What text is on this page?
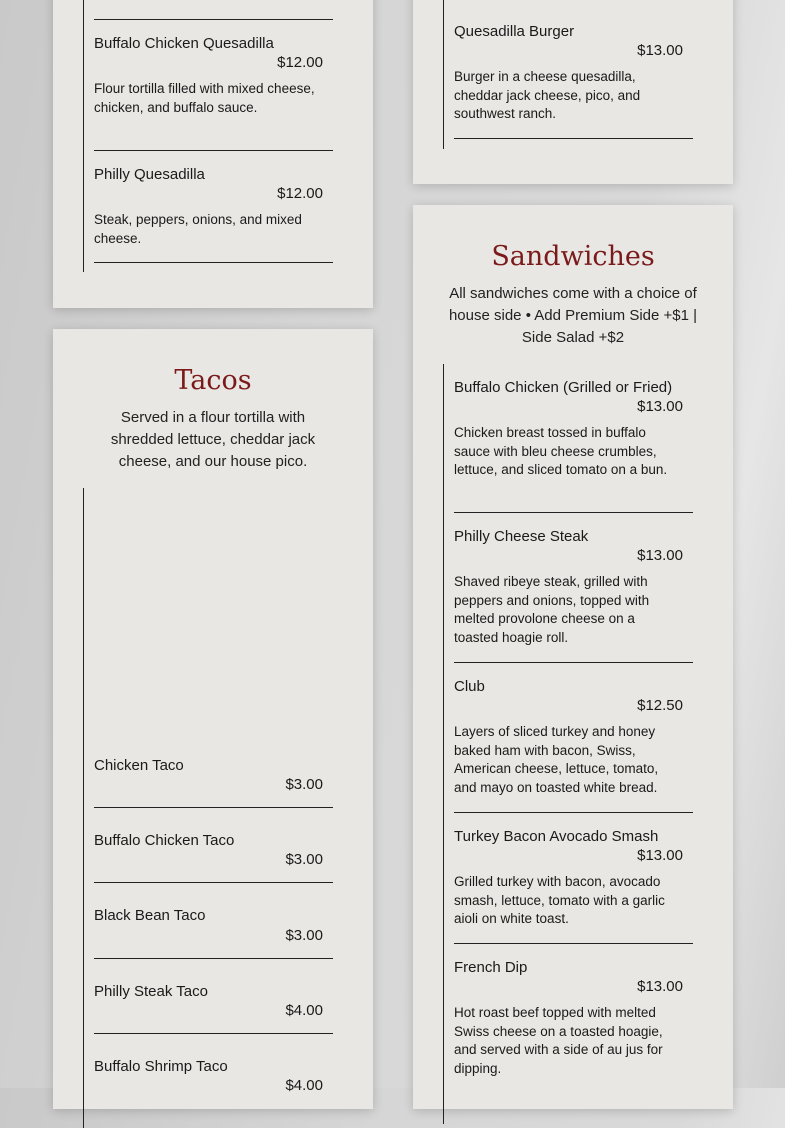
Buffalo Chicken Quesadilla
$12.00
Flour tortilla filled with mixed cheese, chicken, and buffalo sauce.
Philly Quesadilla
$12.00
Steak, peppers, onions, and mixed cheese.
Quesadilla Burger
$13.00
Burger in a cheese quesadilla, cheddar jack cheese, pico, and southwest ranch.
Tacos
Served in a flour tortilla with shredded lettuce, cheddar jack cheese, and our house pico.
Chicken Taco
$3.00
Buffalo Chicken Taco
$3.00
Black Bean Taco
$3.00
Philly Steak Taco
$4.00
Buffalo Shrimp Taco
$4.00
Sandwiches
All sandwiches come with a choice of house side • Add Premium Side +$1 | Side Salad +$2
Buffalo Chicken (Grilled or Fried)
$13.00
Chicken breast tossed in buffalo sauce with bleu cheese crumbles, lettuce, and sliced tomato on a bun.
Philly Cheese Steak
$13.00
Shaved ribeye steak, grilled with peppers and onions, topped with melted provolone cheese on a toasted hoagie roll.
Club
$12.50
Layers of sliced turkey and honey baked ham with bacon, Swiss, American cheese, lettuce, tomato, and mayo on toasted white bread.
Turkey Bacon Avocado Smash
$13.00
Grilled turkey with bacon, avocado smash, lettuce, tomato with a garlic aioli on white toast.
French Dip
$13.00
Hot roast beef topped with melted Swiss cheese on a toasted hoagie, and served with a side of au jus for dipping.
